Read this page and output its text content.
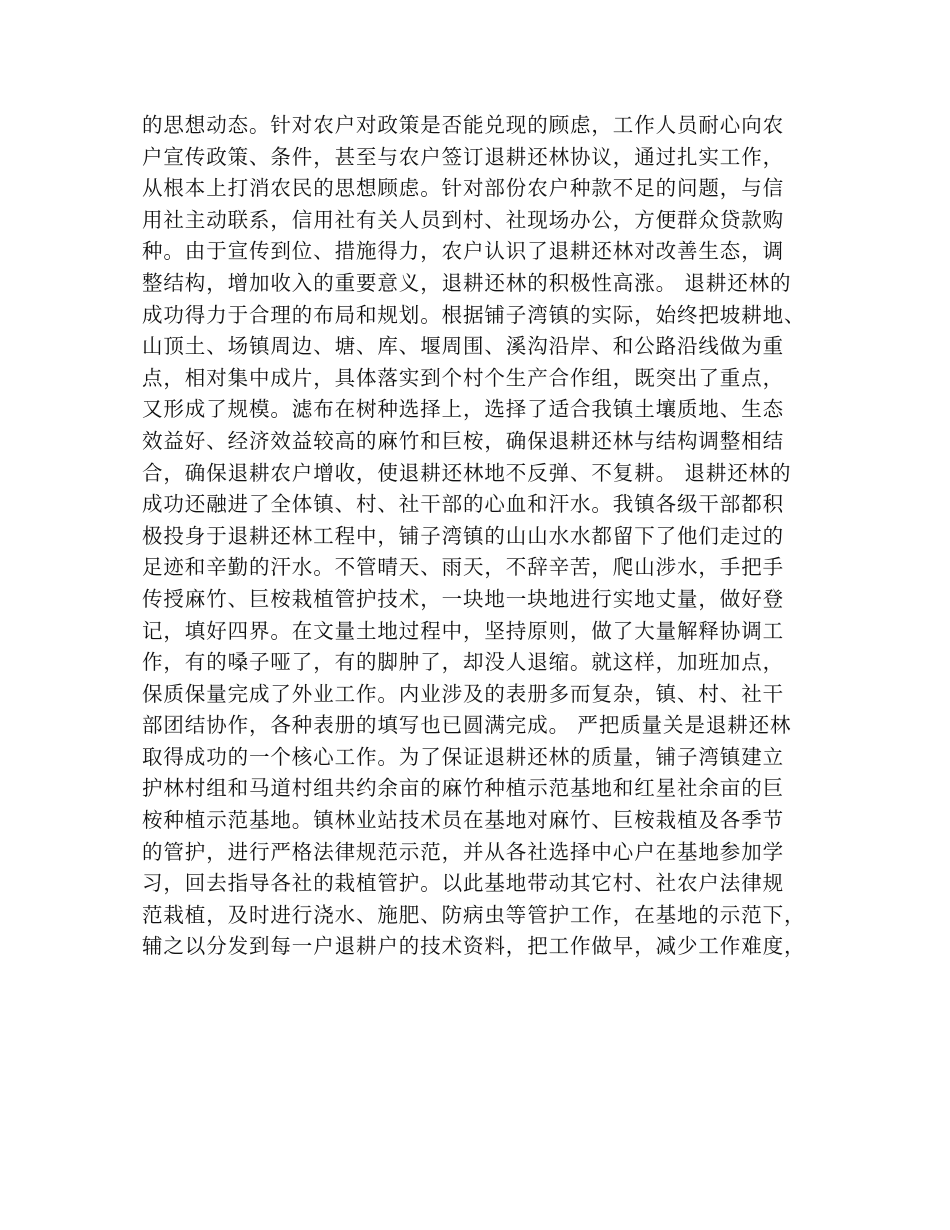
的思想动态。针对农户对政策是否能兑现的顾虑，工作人员耐心向农
户宣传政策、条件，甚至与农户签订退耕还林协议，通过扎实工作，
从根本上打消农民的思想顾虑。针对部份农户种款不足的问题，与信
用社主动联系，信用社有关人员到村、社现场办公，方便群众贷款购
种。由于宣传到位、措施得力，农户认识了退耕还林对改善生态，调
整结构，增加收入的重要意义，退耕还林的积极性高涨。 退耕还林的
成功得力于合理的布局和规划。根据铺子湾镇的实际，始终把坡耕地、
山顶土、场镇周边、塘、库、堰周围、溪沟沿岸、和公路沿线做为重
点，相对集中成片，具体落实到个村个生产合作组，既突出了重点，
又形成了规模。滤布在树种选择上，选择了适合我镇土壤质地、生态
效益好、经济效益较高的麻竹和巨桉，确保退耕还林与结构调整相结
合，确保退耕农户增收，使退耕还林地不反弹、不复耕。 退耕还林的
成功还融进了全体镇、村、社干部的心血和汗水。我镇各级干部都积
极投身于退耕还林工程中，铺子湾镇的山山水水都留下了他们走过的
足迹和辛勤的汗水。不管晴天、雨天，不辞辛苦，爬山涉水，手把手
传授麻竹、巨桉栽植管护技术，一块地一块地进行实地丈量，做好登
记，填好四界。在文量土地过程中，坚持原则，做了大量解释协调工
作，有的嗓子哑了，有的脚肿了，却没人退缩。就这样，加班加点，
保质保量完成了外业工作。内业涉及的表册多而复杂，镇、村、社干
部团结协作，各种表册的填写也已圆满完成。 严把质量关是退耕还林
取得成功的一个核心工作。为了保证退耕还林的质量，铺子湾镇建立
护林村组和马道村组共约余亩的麻竹种植示范基地和红星社余亩的巨
桉种植示范基地。镇林业站技术员在基地对麻竹、巨桉栽植及各季节
的管护，进行严格法律规范示范，并从各社选择中心户在基地参加学
习，回去指导各社的栽植管护。以此基地带动其它村、社农户法律规
范栽植，及时进行浇水、施肥、防病虫等管护工作，在基地的示范下，
辅之以分发到每一户退耕户的技术资料，把工作做早，减少工作难度，
